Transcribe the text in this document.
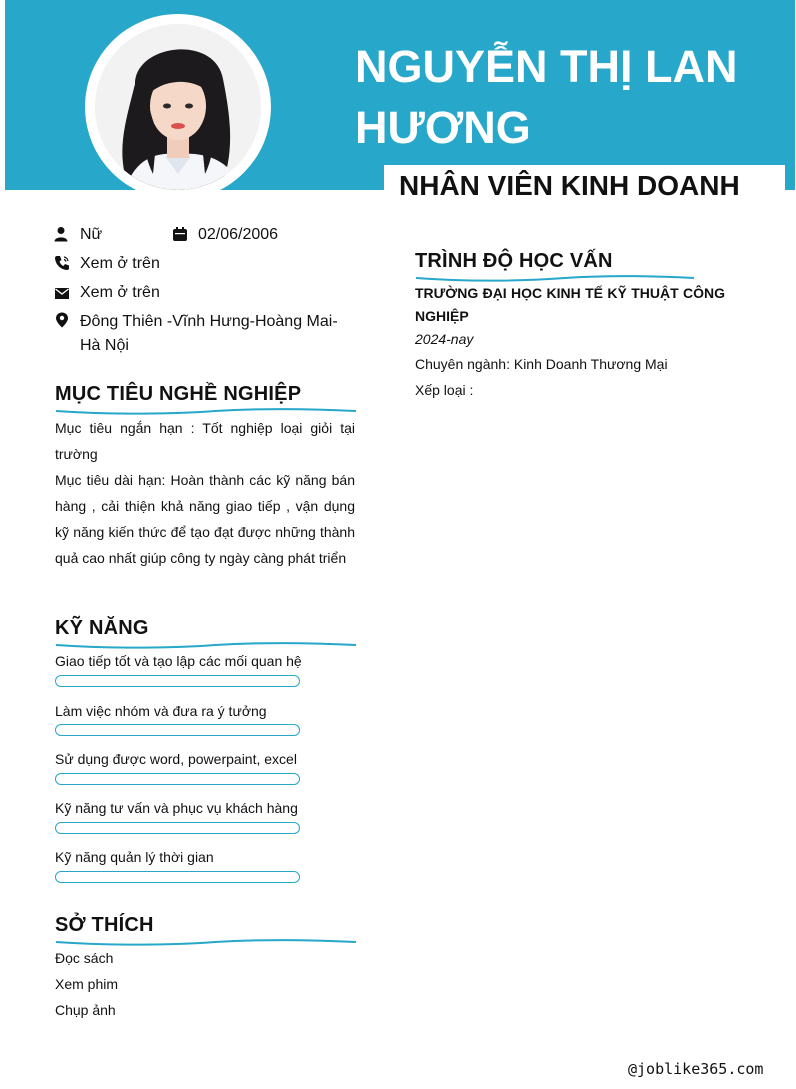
NGUYỄN THỊ LAN
HƯƠNG
NHÂN VIÊN KINH DOANH
Nữ	02/06/2006
Xem ở trên
Xem ở trên
Đông Thiên -Vĩnh Hưng-Hoàng Mai-
Hà Nội
MỤC TIÊU NGHỀ NGHIỆP
Mục tiêu ngắn hạn : Tốt nghiệp loại giỏi tại trường
Mục tiêu dài hạn: Hoàn thành các kỹ năng bán hàng , cải thiện khả năng giao tiếp , vận dụng kỹ năng kiến thức để tạo đạt được những thành quả cao nhất giúp công ty ngày càng phát triển
KỸ NĂNG
Giao tiếp tốt và tạo lập các mối quan hệ
Làm việc nhóm và đưa ra ý tưởng
Sử dụng được word, powerpaint, excel
Kỹ năng tư vấn và phục vụ khách hàng
Kỹ năng quản lý thời gian
SỞ THÍCH
Đọc sách
Xem phim
Chụp ảnh
TRÌNH ĐỘ HỌC VẤN
TRƯỜNG ĐẠI HỌC KINH TẾ KỸ THUẬT CÔNG
NGHIỆP
2024-nay
Chuyên ngành: Kinh Doanh Thương Mại
Xếp loại :
@joblike365.com
